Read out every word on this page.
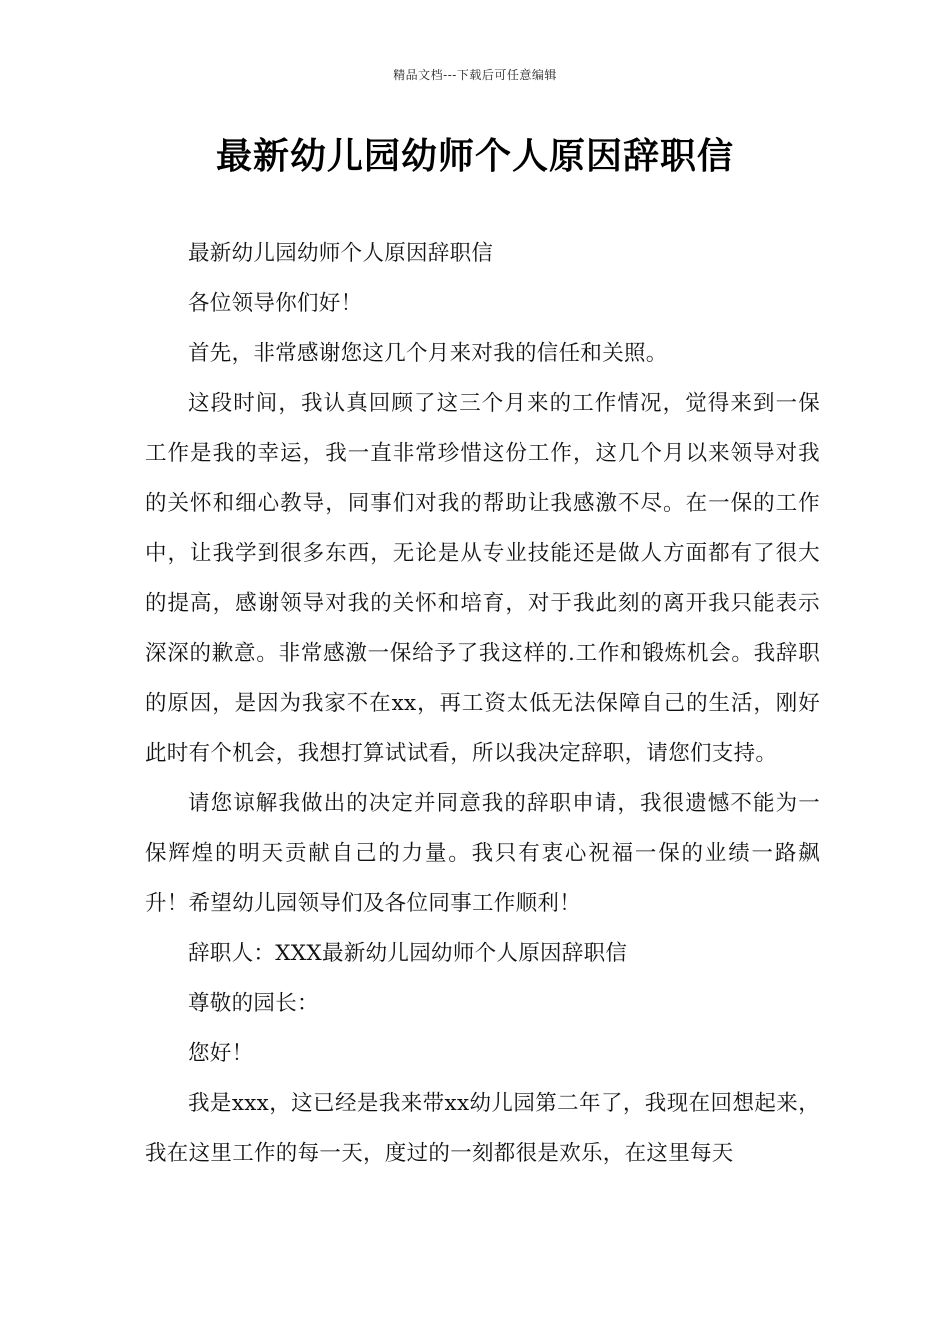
精品文档---下载后可任意编辑
最新幼儿园幼师个人原因辞职信

最新幼儿园幼师个人原因辞职信

各位领导你们好！

首先，非常感谢您这几个月来对我的信任和关照。

这段时间，我认真回顾了这三个月来的工作情况，觉得来到一保工作是我的幸运，我一直非常珍惜这份工作，这几个月以来领导对我的关怀和细心教导，同事们对我的帮助让我感激不尽。在一保的工作中，让我学到很多东西，无论是从专业技能还是做人方面都有了很大的提高，感谢领导对我的关怀和培育，对于我此刻的离开我只能表示深深的歉意。非常感激一保给予了我这样的.工作和锻炼机会。我辞职的原因，是因为我家不在xx，再工资太低无法保障自己的生活，刚好此时有个机会，我想打算试试看，所以我决定辞职，请您们支持。

请您谅解我做出的决定并同意我的辞职申请，我很遗憾不能为一保辉煌的明天贡献自己的力量。我只有衷心祝福一保的业绩一路飙升！希望幼儿园领导们及各位同事工作顺利！

辞职人：XXX最新幼儿园幼师个人原因辞职信

尊敬的园长：

您好！

我是xxx，这已经是我来带xx幼儿园第二年了，我现在回想起来，我在这里工作的每一天，度过的一刻都很是欢乐，在这里每天
